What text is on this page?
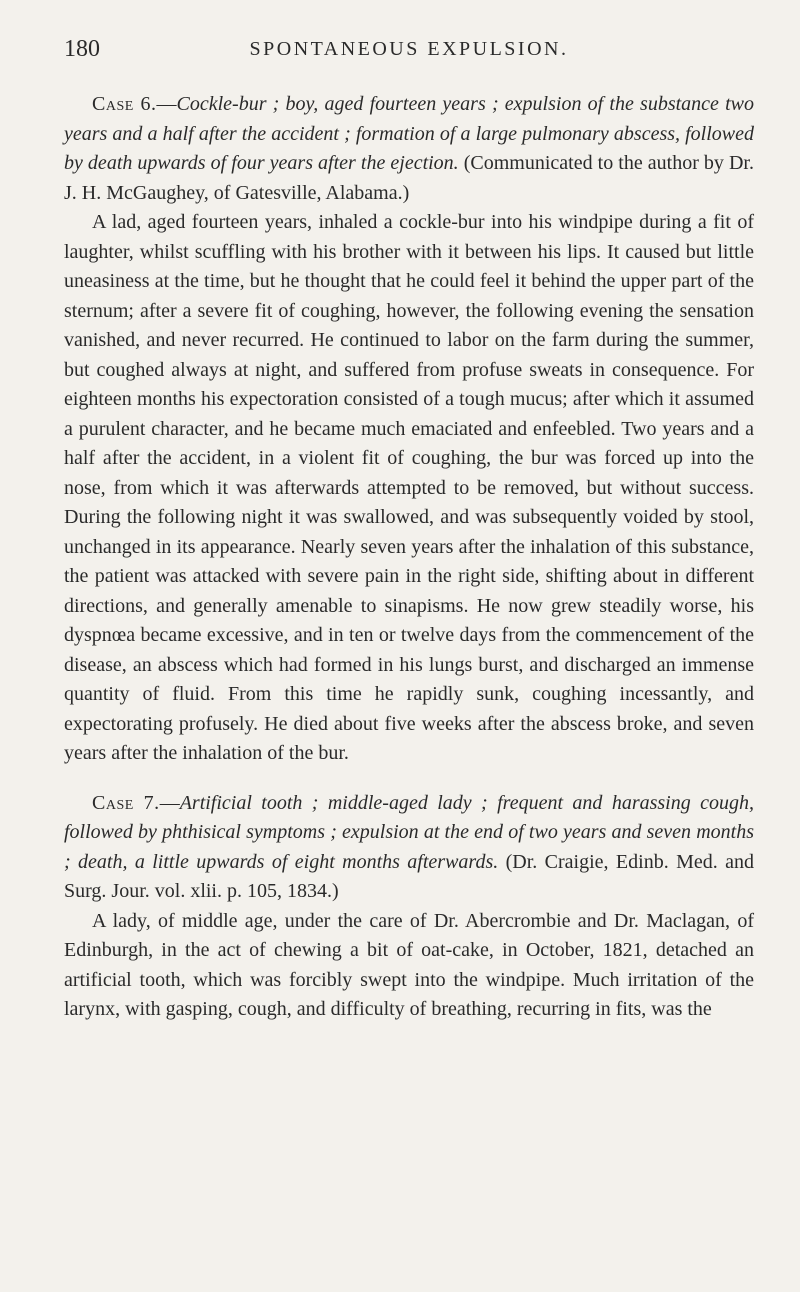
180	SPONTANEOUS EXPULSION.

Case 6.—Cockle-bur ; boy, aged fourteen years ; expulsion of the substance two years and a half after the accident ; formation of a large pulmonary abscess, followed by death upwards of four years after the ejection. (Communicated to the author by Dr. J. H. McGaughey, of Gatesville, Alabama.)

A lad, aged fourteen years, inhaled a cockle-bur into his windpipe during a fit of laughter, whilst scuffling with his brother with it between his lips. It caused but little uneasiness at the time, but he thought that he could feel it behind the upper part of the sternum; after a severe fit of coughing, however, the following evening the sensation vanished, and never recurred. He continued to labor on the farm during the summer, but coughed always at night, and suffered from profuse sweats in consequence. For eighteen months his expectoration consisted of a tough mucus; after which it assumed a purulent character, and he became much emaciated and enfeebled. Two years and a half after the accident, in a violent fit of coughing, the bur was forced up into the nose, from which it was afterwards attempted to be removed, but without success. During the following night it was swallowed, and was subsequently voided by stool, unchanged in its appearance. Nearly seven years after the inhalation of this substance, the patient was attacked with severe pain in the right side, shifting about in different directions, and generally amenable to sinapisms. He now grew steadily worse, his dyspnœa became excessive, and in ten or twelve days from the commencement of the disease, an abscess which had formed in his lungs burst, and discharged an immense quantity of fluid. From this time he rapidly sunk, coughing incessantly, and expectorating profusely. He died about five weeks after the abscess broke, and seven years after the inhalation of the bur.

Case 7.—Artificial tooth ; middle-aged lady ; frequent and harassing cough, followed by phthisical symptoms ; expulsion at the end of two years and seven months ; death, a little upwards of eight months afterwards. (Dr. Craigie, Edinb. Med. and Surg. Jour. vol. xlii. p. 105, 1834.)

A lady, of middle age, under the care of Dr. Abercrombie and Dr. Maclagan, of Edinburgh, in the act of chewing a bit of oat-cake, in October, 1821, detached an artificial tooth, which was forcibly swept into the windpipe. Much irritation of the larynx, with gasping, cough, and difficulty of breathing, recurring in fits, was the
